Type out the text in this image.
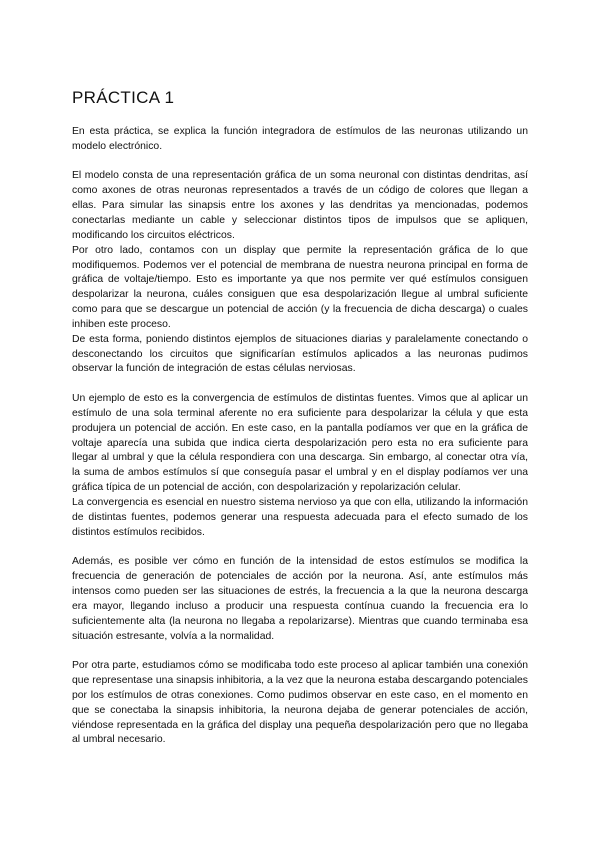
PRÁCTICA 1

En esta práctica, se explica la función integradora de estímulos de las neuronas utilizando un modelo electrónico.

El modelo consta de una representación gráfica de un soma neuronal con distintas dendritas, así como axones de otras neuronas representados a través de un código de colores que llegan a ellas. Para simular las sinapsis entre los axones y las dendritas ya mencionadas, podemos conectarlas mediante un cable y seleccionar distintos tipos de impulsos que se apliquen, modificando los circuitos eléctricos.

Por otro lado, contamos con un display que permite la representación gráfica de lo que modifiquemos. Podemos ver el potencial de membrana de nuestra neurona principal en forma de gráfica de voltaje/tiempo. Esto es importante ya que nos permite ver qué estímulos consiguen despolarizar la neurona, cuáles consiguen que esa despolarización llegue al umbral suficiente como para que se descargue un potencial de acción (y la frecuencia de dicha descarga) o cuales inhiben este proceso.

De esta forma, poniendo distintos ejemplos de situaciones diarias y paralelamente conectando o desconectando los circuitos que significarían estímulos aplicados a las neuronas pudimos observar la función de integración de estas células nerviosas.

Un ejemplo de esto es la convergencia de estímulos de distintas fuentes. Vimos que al aplicar un estímulo de una sola terminal aferente no era suficiente para despolarizar la célula y que esta produjera un potencial de acción. En este caso, en la pantalla podíamos ver que en la gráfica de voltaje aparecía una subida que indica cierta despolarización pero esta no era suficiente para llegar al umbral y que la célula respondiera con una descarga. Sin embargo, al conectar otra vía, la suma de ambos estímulos sí que conseguía pasar el umbral y en el display podíamos ver una gráfica típica de un potencial de acción, con despolarización y repolarización celular.

La convergencia es esencial en nuestro sistema nervioso ya que con ella, utilizando la información de distintas fuentes, podemos generar una respuesta adecuada para el efecto sumado de los distintos estímulos recibidos.

Además, es posible ver cómo en función de la intensidad de estos estímulos se modifica la frecuencia de generación de potenciales de acción por la neurona. Así, ante estímulos más intensos como pueden ser las situaciones de estrés, la frecuencia a la que la neurona descarga era mayor, llegando incluso a producir una respuesta contínua cuando la frecuencia era lo suficientemente alta (la neurona no llegaba a repolarizarse). Mientras que cuando terminaba esa situación estresante, volvía a la normalidad.

Por otra parte, estudiamos cómo se modificaba todo este proceso al aplicar también una conexión que representase una sinapsis inhibitoria, a la vez que la neurona estaba descargando potenciales por los estímulos de otras conexiones. Como pudimos observar en este caso, en el momento en que se conectaba la sinapsis inhibitoria, la neurona dejaba de generar potenciales de acción, viéndose representada en la gráfica del display una pequeña despolarización pero que no llegaba al umbral necesario.
